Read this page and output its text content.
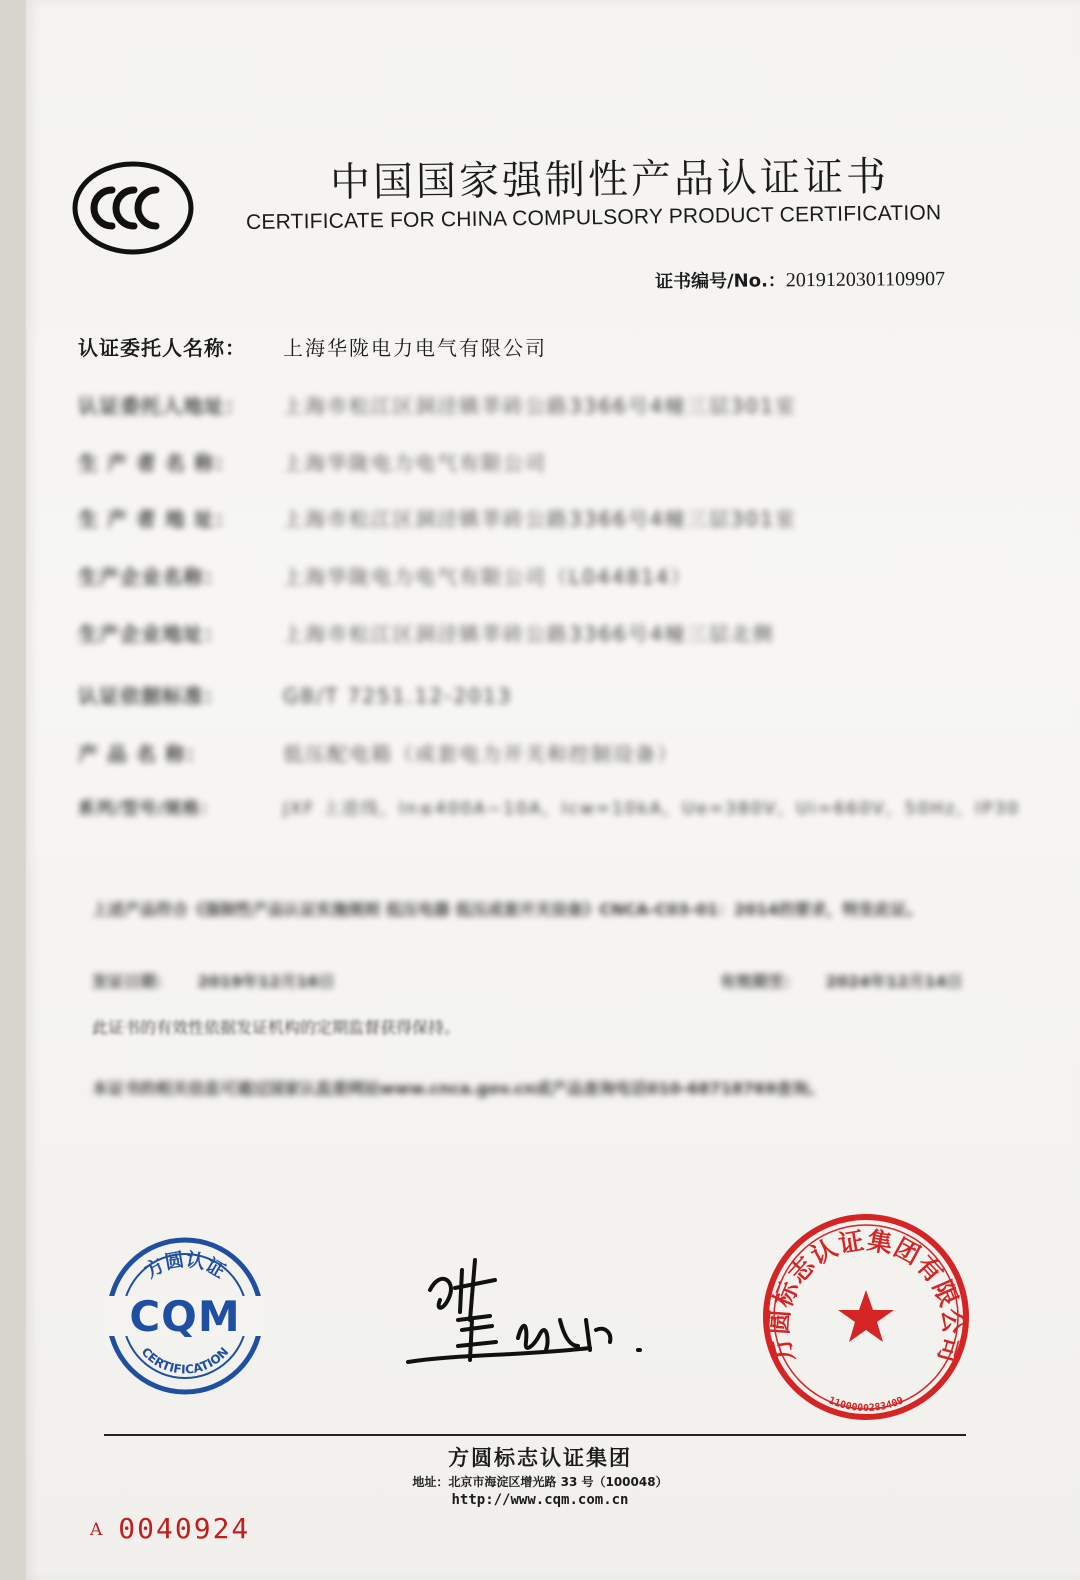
中国国家强制性产品认证证书
CERTIFICATE FOR CHINA COMPULSORY PRODUCT CERTIFICATION
证书编号/No.：2019120301109907
认证委托人名称： 上海华陇电力电气有限公司
认证委托人地址： 上海市松江区洞泾镇莘砖公路3366号4幢三层301室
生 产 者 名 称： 上海华陇电力电气有限公司
生 产 者 地 址： 上海市松江区洞泾镇莘砖公路3366号4幢三层301室
生产企业名称：	上海华陇电力电气有限公司（L044814）
生产企业地址：	上海市松江区洞泾镇莘砖公路3366号4幢三层北侧
认证依据标准：	GB/T 7251.12-2013
产 品 名 称：	低压配电箱（成套电力开关和控制设备）
系列/型号/规格：	JXF 上进线，In≤400A~10A，Icw=10kA，Ue=380V，Ui=660V，50Hz，IP30
上述产品符合《强制性产品认证实施规则 低压电器 低压成套开关设备》CNCA-C03-01：2014的要求，特发此证。
发证日期： 2019年12月16日	有效期至： 2024年12月14日
此证书的有效性依据发证机构的定期监督获得保持。
本证书的相关信息可通过国家认监委网站www.cnca.gov.cn或产品查询电话010-68718769查询。
方圆认证
CQM
CERTIFICATION	方圆标志认证集团有限公司
1100000283409
方圆标志认证集团
地址：北京市海淀区增光路 33 号（100048）
http://www.cqm.com.cn
A 0040924
